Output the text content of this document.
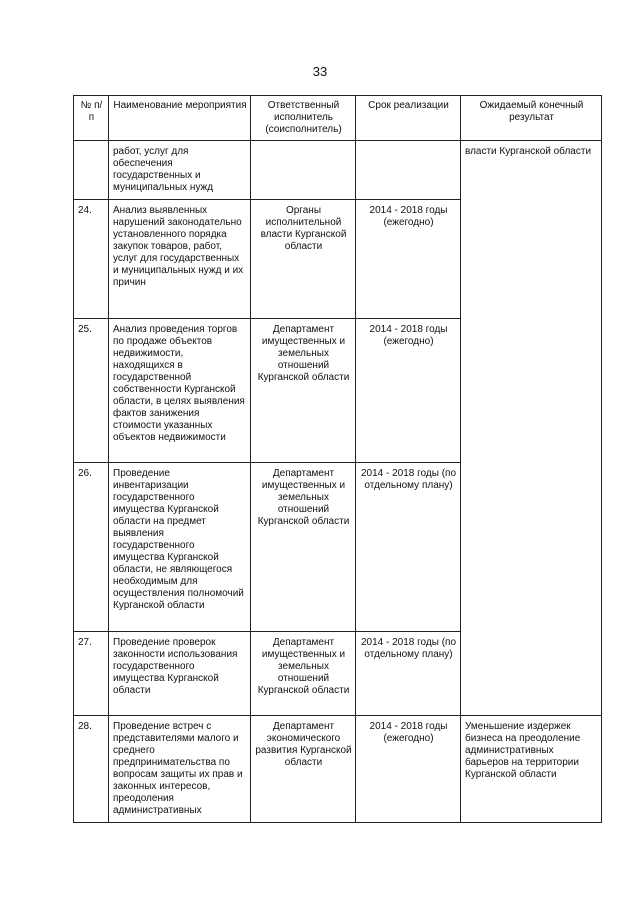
33
№ п/п	Наименование мероприятия	Ответственный исполнитель (соисполнитель)	Срок реализации	Ожидаемый конечный результат
	работ, услуг для обеспечения государственных и муниципальных нужд			власти Курганской области
24.	Анализ выявленных нарушений законодательно установленного порядка закупок товаров, работ, услуг для государственных и муниципальных нужд и их причин	Органы исполнительной власти Курганской области	2014 - 2018 годы (ежегодно)	
25.	Анализ проведения торгов по продаже объектов недвижимости, находящихся в государственной собственности Курганской области, в целях выявления фактов занижения стоимости указанных объектов недвижимости	Департамент имущественных и земельных отношений Курганской области	2014 - 2018 годы (ежегодно)	
26.	Проведение инвентаризации государственного имущества Курганской области на предмет выявления государственного имущества Курганской области, не являющегося необходимым для осуществления полномочий Курганской области	Департамент имущественных и земельных отношений Курганской области	2014 - 2018 годы (по отдельному плану)	
27.	Проведение проверок законности использования государственного имущества Курганской области	Департамент имущественных и земельных отношений Курганской области	2014 - 2018 годы (по отдельному плану)	
28.	Проведение встреч с представителями малого и среднего предпринимательства по вопросам защиты их прав и законных интересов, преодоления административных	Департамент экономического развития Курганской области	2014 - 2018 годы (ежегодно)	Уменьшение издержек бизнеса на преодоление административных барьеров на территории Курганской области
